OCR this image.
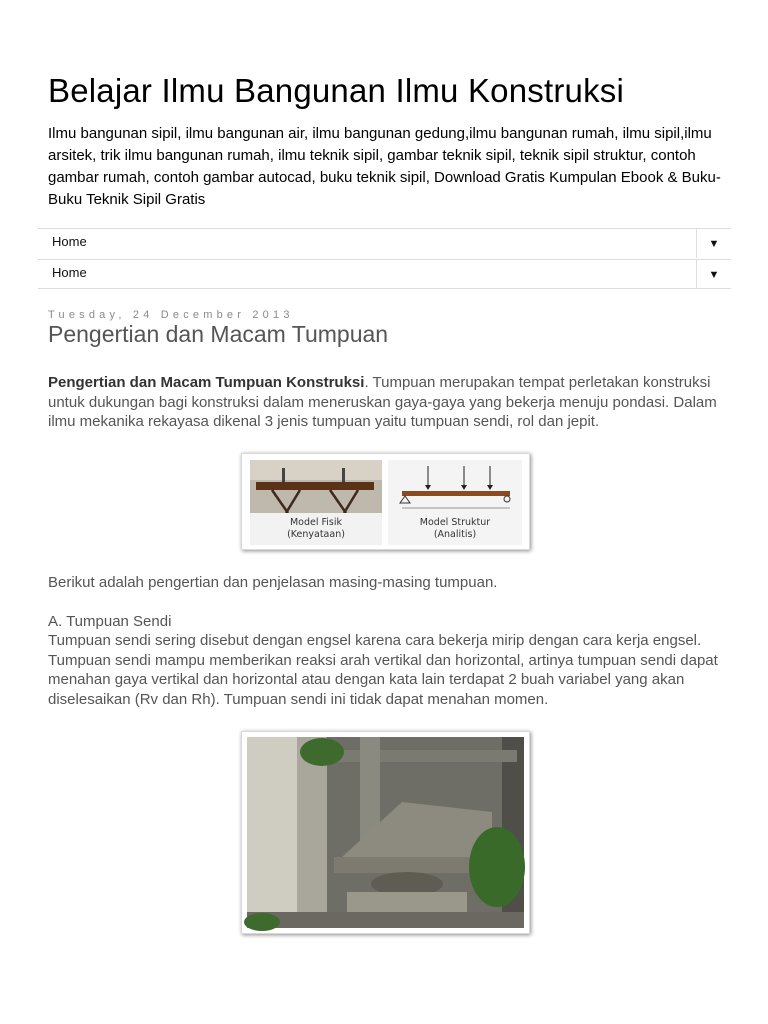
Belajar Ilmu Bangunan Ilmu Konstruksi

Ilmu bangunan sipil, ilmu bangunan air, ilmu bangunan gedung,ilmu bangunan rumah, ilmu sipil,ilmu arsitek, trik ilmu bangunan rumah, ilmu teknik sipil, gambar teknik sipil, teknik sipil struktur, contoh gambar rumah, contoh gambar autocad, buku teknik sipil, Download Gratis Kumpulan Ebook & Buku-Buku Teknik Sipil Gratis

Home	▼
Home	▼
Tuesday, 24 December 2013
Pengertian dan Macam Tumpuan

Pengertian dan Macam Tumpuan Konstruksi. Tumpuan merupakan tempat perletakan konstruksi untuk dukungan bagi konstruksi dalam meneruskan gaya-gaya yang bekerja menuju pondasi. Dalam ilmu mekanika rekayasa dikenal 3 jenis tumpuan yaitu tumpuan sendi, rol dan jepit.

Model Fisik
(Kenyataan)
Model Struktur
(Analitis)

Berikut adalah pengertian dan penjelasan masing-masing tumpuan.

A. Tumpuan Sendi

Tumpuan sendi sering disebut dengan engsel karena cara bekerja mirip dengan cara kerja engsel. Tumpuan sendi mampu memberikan reaksi arah vertikal dan horizontal, artinya tumpuan sendi dapat menahan gaya vertikal dan horizontal atau dengan kata lain terdapat 2 buah variabel yang akan diselesaikan (Rv dan Rh). Tumpuan sendi ini tidak dapat menahan momen.
